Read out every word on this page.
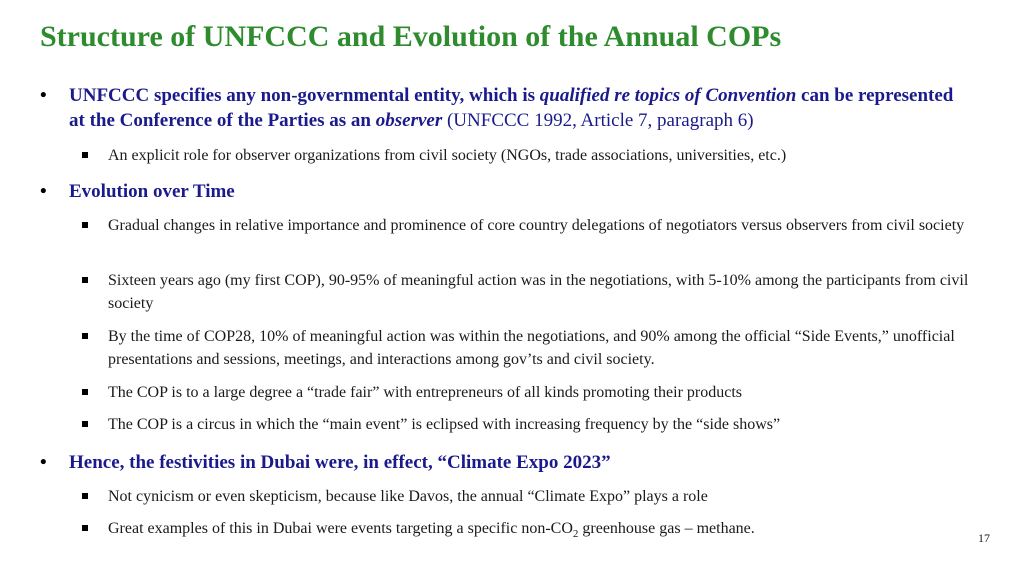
Structure of UNFCCC and Evolution of the Annual COPs
• UNFCCC specifies any non-governmental entity, which is qualified re topics of Convention can be represented at the Conference of the Parties as an observer (UNFCCC 1992, Article 7, paragraph 6)
An explicit role for observer organizations from civil society (NGOs, trade associations, universities, etc.)
• Evolution over Time
Gradual changes in relative importance and prominence of core country delegations of negotiators versus observers from civil society
Sixteen years ago (my first COP), 90-95% of meaningful action was in the negotiations, with 5-10% among the participants from civil society
By the time of COP28, 10% of meaningful action was within the negotiations, and 90% among the official “Side Events,” unofficial presentations and sessions, meetings, and interactions among gov’ts and civil society.
The COP is to a large degree a “trade fair” with entrepreneurs of all kinds promoting their products
The COP is a circus in which the “main event” is eclipsed with increasing frequency by the “side shows”
• Hence, the festivities in Dubai were, in effect, “Climate Expo 2023”
Not cynicism or even skepticism, because like Davos, the annual “Climate Expo” plays a role
Great examples of this in Dubai were events targeting a specific non-$CO_2$ greenhouse gas – methane.
17
